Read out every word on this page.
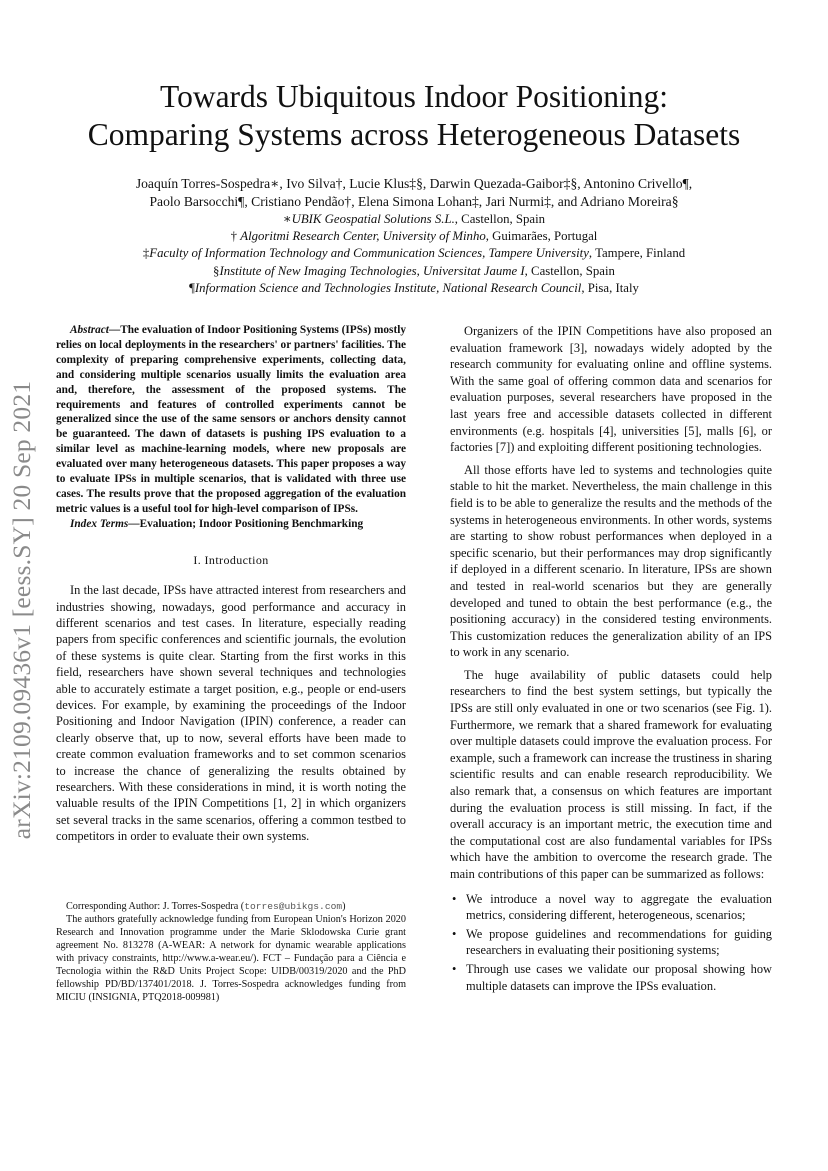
arXiv:2109.09436v1 [eess.SY] 20 Sep 2021
Towards Ubiquitous Indoor Positioning:
Comparing Systems across Heterogeneous Datasets
Joaquín Torres-Sospedra∗, Ivo Silva†, Lucie Klus‡§, Darwin Quezada-Gaibor‡§, Antonino Crivello¶,
Paolo Barsocchi¶, Cristiano Pendão†, Elena Simona Lohan‡, Jari Nurmi‡, and Adriano Moreira§
∗UBIK Geospatial Solutions S.L., Castellon, Spain
† Algoritmi Research Center, University of Minho, Guimarães, Portugal
‡Faculty of Information Technology and Communication Sciences, Tampere University, Tampere, Finland
§Institute of New Imaging Technologies, Universitat Jaume I, Castellon, Spain
¶Information Science and Technologies Institute, National Research Council, Pisa, Italy

Abstract—The evaluation of Indoor Positioning Systems (IPSs) mostly relies on local deployments in the researchers' or partners' facilities. The complexity of preparing comprehensive experiments, collecting data, and considering multiple scenarios usually limits the evaluation area and, therefore, the assessment of the proposed systems. The requirements and features of controlled experiments cannot be generalized since the use of the same sensors or anchors density cannot be guaranteed. The dawn of datasets is pushing IPS evaluation to a similar level as machine-learning models, where new proposals are evaluated over many heterogeneous datasets. This paper proposes a way to evaluate IPSs in multiple scenarios, that is validated with three use cases. The results prove that the proposed aggregation of the evaluation metric values is a useful tool for high-level comparison of IPSs.

Index Terms—Evaluation; Indoor Positioning Benchmarking

I. Introduction

In the last decade, IPSs have attracted interest from researchers and industries showing, nowadays, good performance and accuracy in different scenarios and test cases. In literature, especially reading papers from specific conferences and scientific journals, the evolution of these systems is quite clear. Starting from the first works in this field, researchers have shown several techniques and technologies able to accurately estimate a target position, e.g., people or end-users devices. For example, by examining the proceedings of the Indoor Positioning and Indoor Navigation (IPIN) conference, a reader can clearly observe that, up to now, several efforts have been made to create common evaluation frameworks and to set common scenarios to increase the chance of generalizing the results obtained by researchers. With these considerations in mind, it is worth noting the valuable results of the IPIN Competitions [1, 2] in which organizers set several tracks in the same scenarios, offering a common testbed to competitors in order to evaluate their own systems.

Corresponding Author: J. Torres-Sospedra (torres@ubikgs.com)

The authors gratefully acknowledge funding from European Union's Horizon 2020 Research and Innovation programme under the Marie Sklodowska Curie grant agreement No. 813278 (A-WEAR: A network for dynamic wearable applications with privacy constraints, http://www.a-wear.eu/). FCT – Fundação para a Ciência e Tecnologia within the R&D Units Project Scope: UIDB/00319/2020 and the PhD fellowship PD/BD/137401/2018. J. Torres-Sospedra acknowledges funding from MICIU (INSIGNIA, PTQ2018-009981)

Organizers of the IPIN Competitions have also proposed an evaluation framework [3], nowadays widely adopted by the research community for evaluating online and offline systems. With the same goal of offering common data and scenarios for evaluation purposes, several researchers have proposed in the last years free and accessible datasets collected in different environments (e.g. hospitals [4], universities [5], malls [6], or factories [7]) and exploiting different positioning technologies.

All those efforts have led to systems and technologies quite stable to hit the market. Nevertheless, the main challenge in this field is to be able to generalize the results and the methods of the systems in heterogeneous environments. In other words, systems are starting to show robust performances when deployed in a specific scenario, but their performances may drop significantly if deployed in a different scenario. In literature, IPSs are shown and tested in real-world scenarios but they are generally developed and tuned to obtain the best performance (e.g., the positioning accuracy) in the considered testing environments. This customization reduces the generalization ability of an IPS to work in any scenario.

The huge availability of public datasets could help researchers to find the best system settings, but typically the IPSs are still only evaluated in one or two scenarios (see Fig. 1). Furthermore, we remark that a shared framework for evaluating over multiple datasets could improve the evaluation process. For example, such a framework can increase the trustiness in sharing scientific results and can enable research reproducibility. We also remark that, a consensus on which features are important during the evaluation process is still missing. In fact, if the overall accuracy is an important metric, the execution time and the computational cost are also fundamental variables for IPSs which have the ambition to overcome the research grade. The main contributions of this paper can be summarized as follows:

• We introduce a novel way to aggregate the evaluation metrics, considering different, heterogeneous, scenarios;
• We propose guidelines and recommendations for guiding researchers in evaluating their positioning systems;
• Through use cases we validate our proposal showing how multiple datasets can improve the IPSs evaluation.
